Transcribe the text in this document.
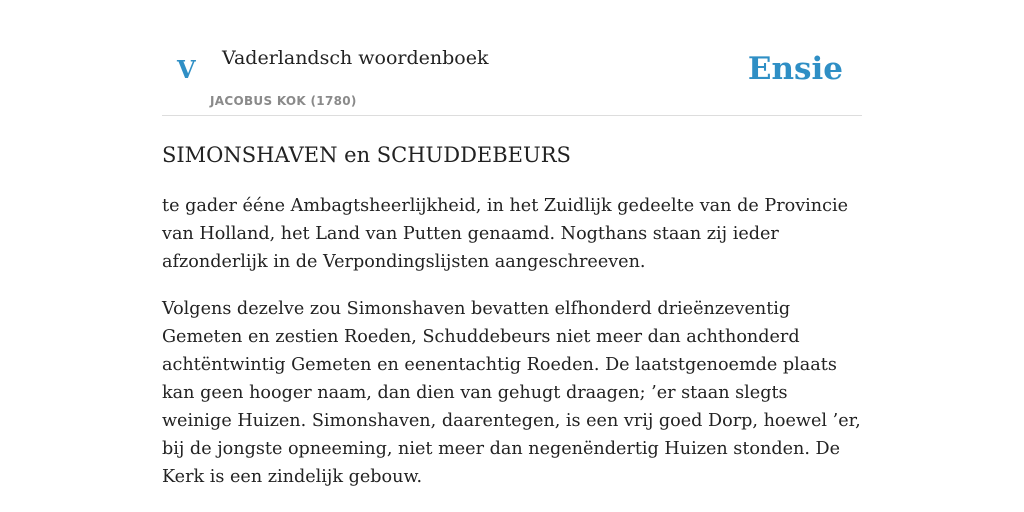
V Vaderlandsch woordenboek
JACOBUS KOK (1780)
Ensie
SIMONSHAVEN en SCHUDDEBEURS

te gader ééne Ambagtsheerlijkheid, in het Zuidlijk gedeelte van de Provincie van Holland, het Land van Putten genaamd. Nogthans staan zij ieder afzonderlijk in de Verpondingslijsten aangeschreeven.

Volgens dezelve zou Simonshaven bevatten elfhonderd drieënzeventig Gemeten en zestien Roeden, Schuddebeurs niet meer dan achthonderd achtëntwintig Gemeten en eenentachtig Roeden. De laatstgenoemde plaats kan geen hooger naam, dan dien van gehugt draagen; ’er staan slegts weinige Huizen. Simonshaven, daarentegen, is een vrij goed Dorp, hoewel ’er, bij de jongste opneeming, niet meer dan negenëndertig Huizen stonden. De Kerk is een zindelijk gebouw.
